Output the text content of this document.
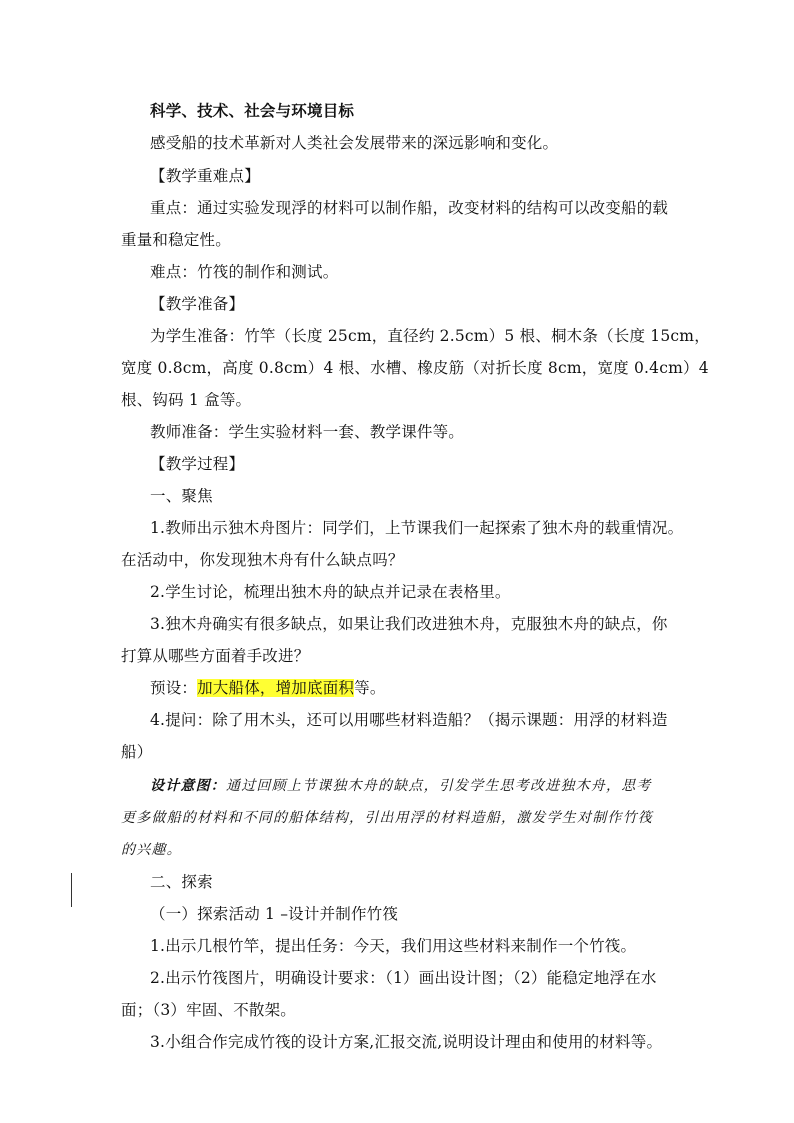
科学、技术、社会与环境目标
感受船的技术革新对人类社会发展带来的深远影响和变化。
【教学重难点】
重点：通过实验发现浮的材料可以制作船，改变材料的结构可以改变船的载
重量和稳定性。
难点：竹筏的制作和测试。
【教学准备】
为学生准备：竹竿（长度 25cm，直径约 2.5cm）5 根、桐木条（长度 15cm，
宽度 0.8cm，高度 0.8cm）4 根、水槽、橡皮筋（对折长度 8cm，宽度 0.4cm）4
根、钩码 1 盒等。
教师准备：学生实验材料一套、教学课件等。
【教学过程】
一、聚焦
1.教师出示独木舟图片：同学们，上节课我们一起探索了独木舟的载重情况。
在活动中，你发现独木舟有什么缺点吗？
2.学生讨论，梳理出独木舟的缺点并记录在表格里。
3.独木舟确实有很多缺点，如果让我们改进独木舟，克服独木舟的缺点，你
打算从哪些方面着手改进？
预设：加大船体，增加底面积等。
4.提问：除了用木头，还可以用哪些材料造船？（揭示课题：用浮的材料造
船）
设计意图：通过回顾上节课独木舟的缺点，引发学生思考改进独木舟，思考
更多做船的材料和不同的船体结构，引出用浮的材料造船，激发学生对制作竹筏
的兴趣。
二、探索
（一）探索活动 1 –设计并制作竹筏
1.出示几根竹竿，提出任务：今天，我们用这些材料来制作一个竹筏。
2.出示竹筏图片，明确设计要求：（1）画出设计图；（2）能稳定地浮在水
面；（3）牢固、不散架。
3.小组合作完成竹筏的设计方案,汇报交流,说明设计理由和使用的材料等。
